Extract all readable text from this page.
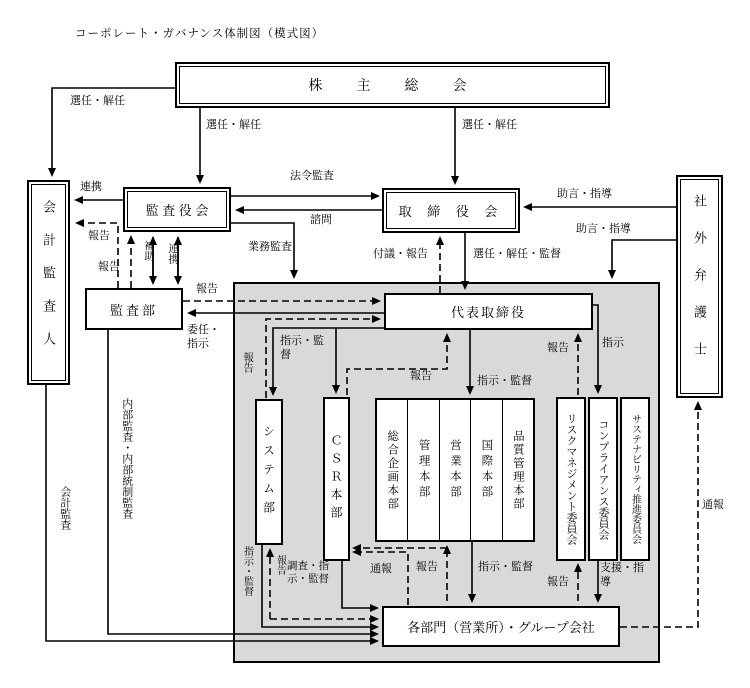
コーポレート・ガバナンス体制図（模式図）
株　主　総　会
会計監査人	監 査 役 会	取 締 役 会	社外弁護士
監査部	代表取締役
システム部	ＣＳＲ本部	総合企画本部 管理本部 営業本部 国際本部 品質管理本部	リスクマネジメント委員会 コンプライアンス委員会 サステナビリティ推進委員会
各部門（営業所）・グループ会社
選任・解任
選任・解任	選任・解任
連携
報告
報告
補助 連携	業務監査
法令監査
諮問
助言・指導
助言・指導
付議・報告	選任・解任・監督
報告
委任・指示
報告
指示・監督
報告	指示・監督
報告	指示
内部監査・内部統制監査
会計監査
指示・監督 報告 調査・指示・監督
通報 報告	指示・監督
報告
支援・指導
通報
